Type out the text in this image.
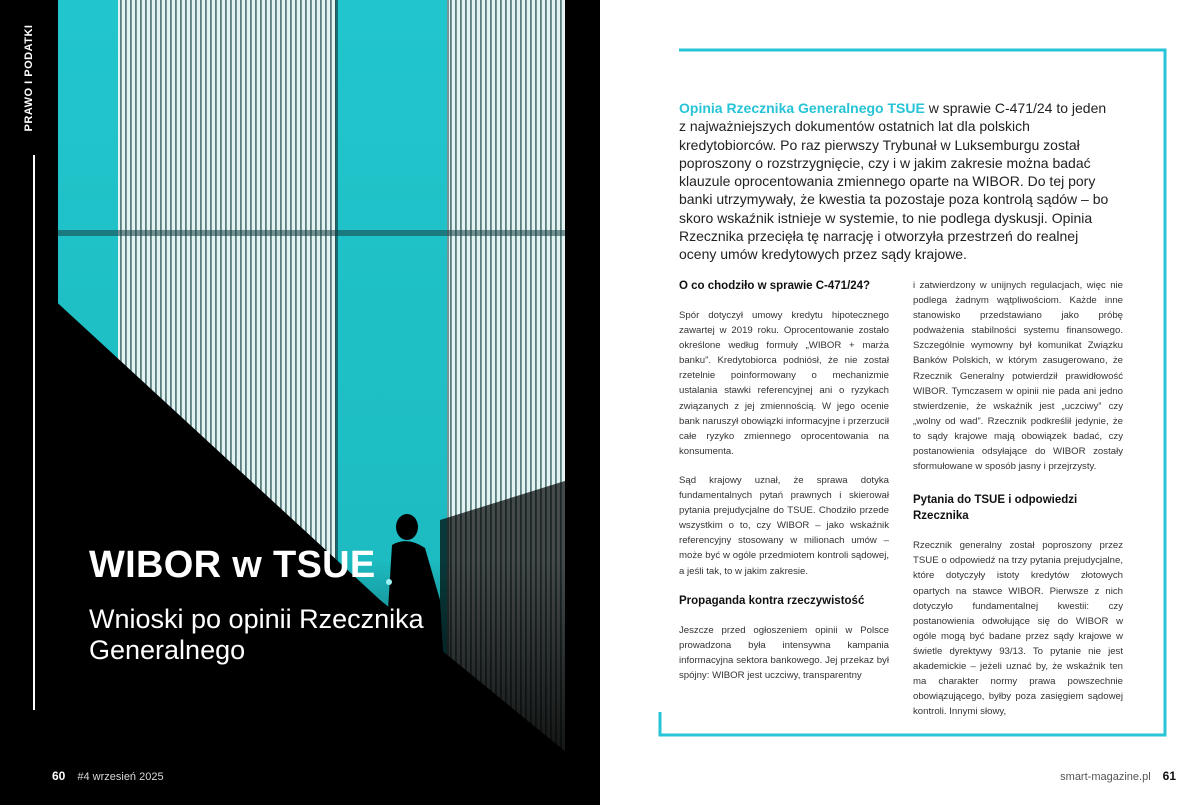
PRAWO I PODATKI
WIBOR w TSUE
Wnioski po opinii Rzecznika Generalnego
60 #4 wrzesień 2025

Opinia Rzecznika Generalnego TSUE w sprawie C-471/24 to jeden z najważniejszych dokumentów ostatnich lat dla polskich kredytobiorców. Po raz pierwszy Trybunał w Luksemburgu został poproszony o rozstrzygnięcie, czy i w jakim zakresie można badać klauzule oprocentowania zmiennego oparte na WIBOR. Do tej pory banki utrzymywały, że kwestia ta pozostaje poza kontrolą sądów – bo skoro wskaźnik istnieje w systemie, to nie podlega dyskusji. Opinia Rzecznika przecięła tę narrację i otworzyła przestrzeń do realnej oceny umów kredytowych przez sądy krajowe.

O co chodziło w sprawie C-471/24?

Spór dotyczył umowy kredytu hipotecznego zawartej w 2019 roku. Oprocentowanie zostało określone według formuły „WIBOR + marża banku”. Kredytobiorca podniósł, że nie został rzetelnie poinformowany o mechanizmie ustalania stawki referencyjnej ani o ryzykach związanych z jej zmiennością. W jego ocenie bank naruszył obowiązki informacyjne i przerzucił całe ryzyko zmiennego oprocentowania na konsumenta.

Sąd krajowy uznał, że sprawa dotyka fundamentalnych pytań prawnych i skierował pytania prejudycjalne do TSUE. Chodziło przede wszystkim o to, czy WIBOR – jako wskaźnik referencyjny stosowany w milionach umów – może być w ogóle przedmiotem kontroli sądowej, a jeśli tak, to w jakim zakresie.

Propaganda kontra rzeczywistość

Jeszcze przed ogłoszeniem opinii w Polsce prowadzona była intensywna kampania informacyjna sektora bankowego. Jej przekaz był spójny: WIBOR jest uczciwy, transparentny

i zatwierdzony w unijnych regulacjach, więc nie podlega żadnym wątpliwościom. Każde inne stanowisko przedstawiano jako próbę podważenia stabilności systemu finansowego. Szczególnie wymowny był komunikat Związku Banków Polskich, w którym zasugerowano, że Rzecznik Generalny potwierdził prawidłowość WIBOR. Tymczasem w opinii nie pada ani jedno stwierdzenie, że wskaźnik jest „uczciwy” czy „wolny od wad”. Rzecznik podkreślił jedynie, że to sądy krajowe mają obowiązek badać, czy postanowienia odsyłające do WIBOR zostały sformułowane w sposób jasny i przejrzysty.

Pytania do TSUE i odpowiedzi Rzecznika

Rzecznik generalny został poproszony przez TSUE o odpowiedź na trzy pytania prejudycjalne, które dotyczyły istoty kredytów złotowych opartych na stawce WIBOR. Pierwsze z nich dotyczyło fundamentalnej kwestii: czy postanowienia odwołujące się do WIBOR w ogóle mogą być badane przez sądy krajowe w świetle dyrektywy 93/13. To pytanie nie jest akademickie – jeżeli uznać by, że wskaźnik ten ma charakter normy prawa powszechnie obowiązującego, byłby poza zasięgiem sądowej kontroli. Innymi słowy,

smart-magazine.pl 61
